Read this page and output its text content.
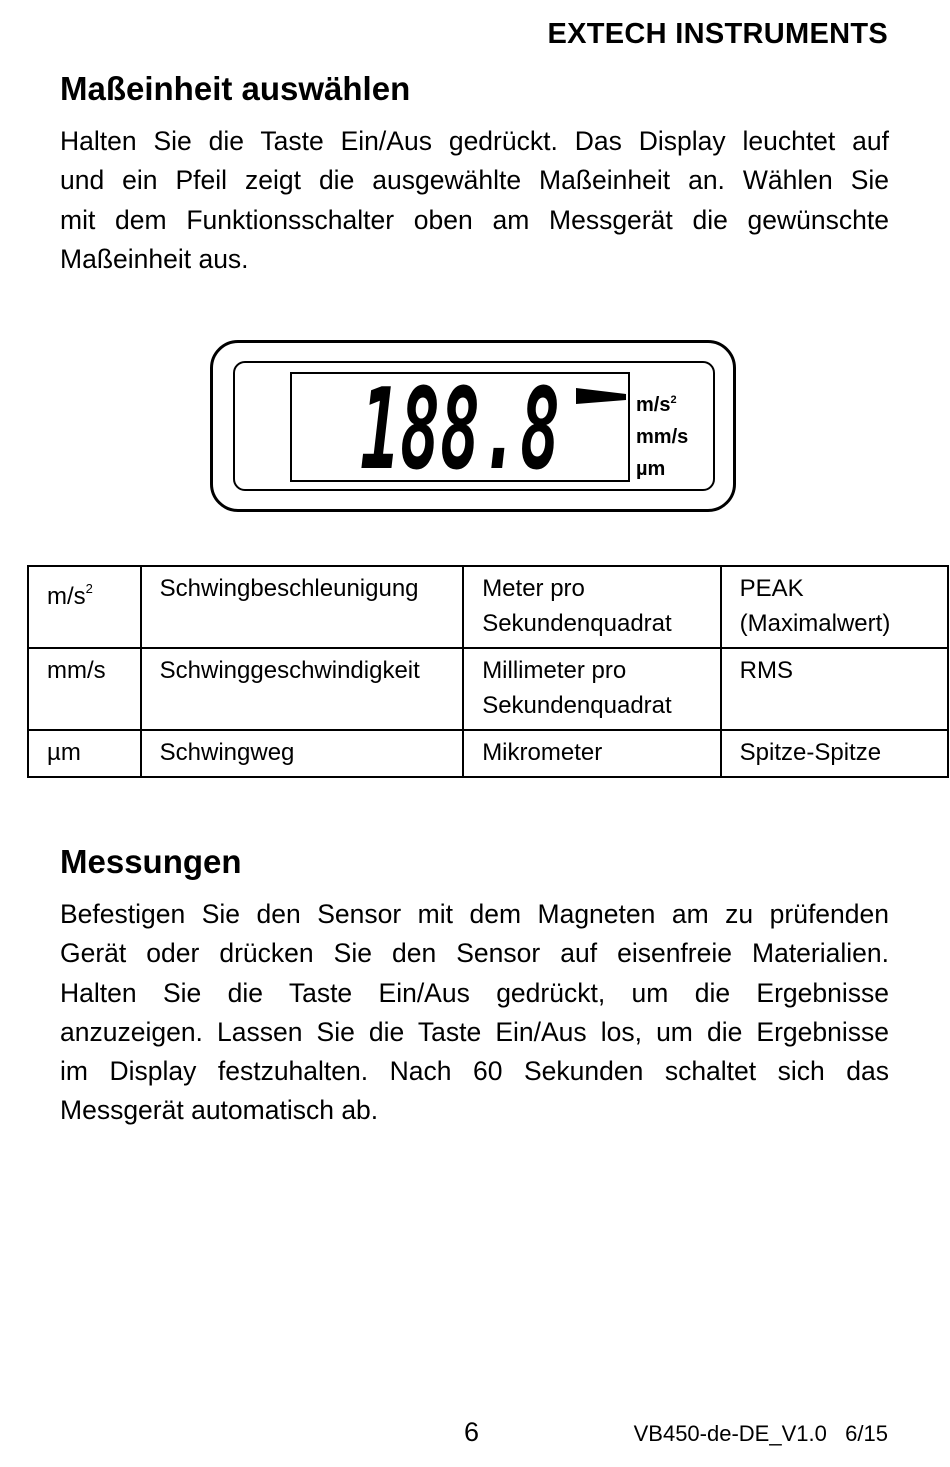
EXTECH INSTRUMENTS
Maßeinheit auswählen
Halten Sie die Taste Ein/Aus gedrückt. Das Display leuchtet auf
und ein Pfeil zeigt die ausgewählte Maßeinheit an. Wählen Sie
mit dem Funktionsschalter oben am Messgerät die gewünschte
Maßeinheit aus.
188.8	$m/s^2$
mm/s
µm
$m/s^2$	Schwingbeschleunigung	Meter pro Sekundenquadrat	PEAK (Maximalwert)
mm/s	Schwinggeschwindigkeit	Millimeter pro Sekundenquadrat	RMS
µm	Schwingweg	Mikrometer	Spitze-Spitze
Messungen
Befestigen Sie den Sensor mit dem Magneten am zu prüfenden
Gerät oder drücken Sie den Sensor auf eisenfreie Materialien.
Halten Sie die Taste Ein/Aus gedrückt, um die Ergebnisse
anzuzeigen. Lassen Sie die Taste Ein/Aus los, um die Ergebnisse
im Display festzuhalten. Nach 60 Sekunden schaltet sich das
Messgerät automatisch ab.
6	VB450-de-DE_V1.0   6/15
